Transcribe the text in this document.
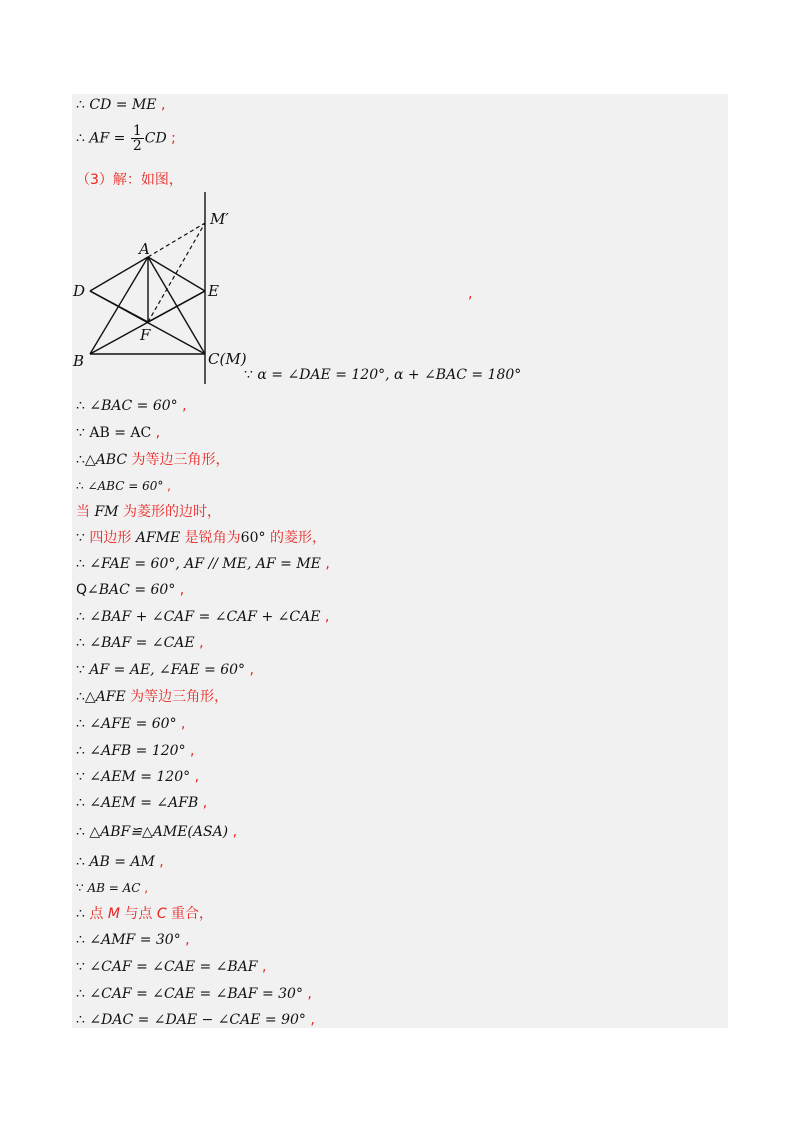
∴ CD = ME ,
∴ AF = $\frac{1}{2}$ CD ;
（3）解：如图，
A
D	E
F
B	C(M)
M′
,
∵ α = ∠DAE = 120°, α + ∠BAC = 180°
∴ ∠BAC = 60° ,
∵ AB = AC ,
∴△ABC 为等边三角形，
∴ ∠ABC = 60° ,
当 FM 为菱形的边时，
∵ 四边形 AFME 是锐角为60° 的菱形，
∴ ∠FAE = 60°, AF // ME, AF = ME ,
Q∠BAC = 60° ,
∴ ∠BAF + ∠CAF = ∠CAF + ∠CAE ,
∴ ∠BAF = ∠CAE ,
∵ AF = AE, ∠FAE = 60° ,
∴△AFE 为等边三角形，
∴ ∠AFE = 60° ,
∴ ∠AFB = 120° ,
∵ ∠AEM = 120° ,
∴ ∠AEM = ∠AFB ,
∴ △ABF≌△AME(ASA) ,
∴ AB = AM ,
∵ AB = AC ,
∴ 点 M 与点 C 重合，
∴ ∠AMF = 30° ,
∵ ∠CAF = ∠CAE = ∠BAF ,
∴ ∠CAF = ∠CAE = ∠BAF = 30° ,
∴ ∠DAC = ∠DAE − ∠CAE = 90° ,
